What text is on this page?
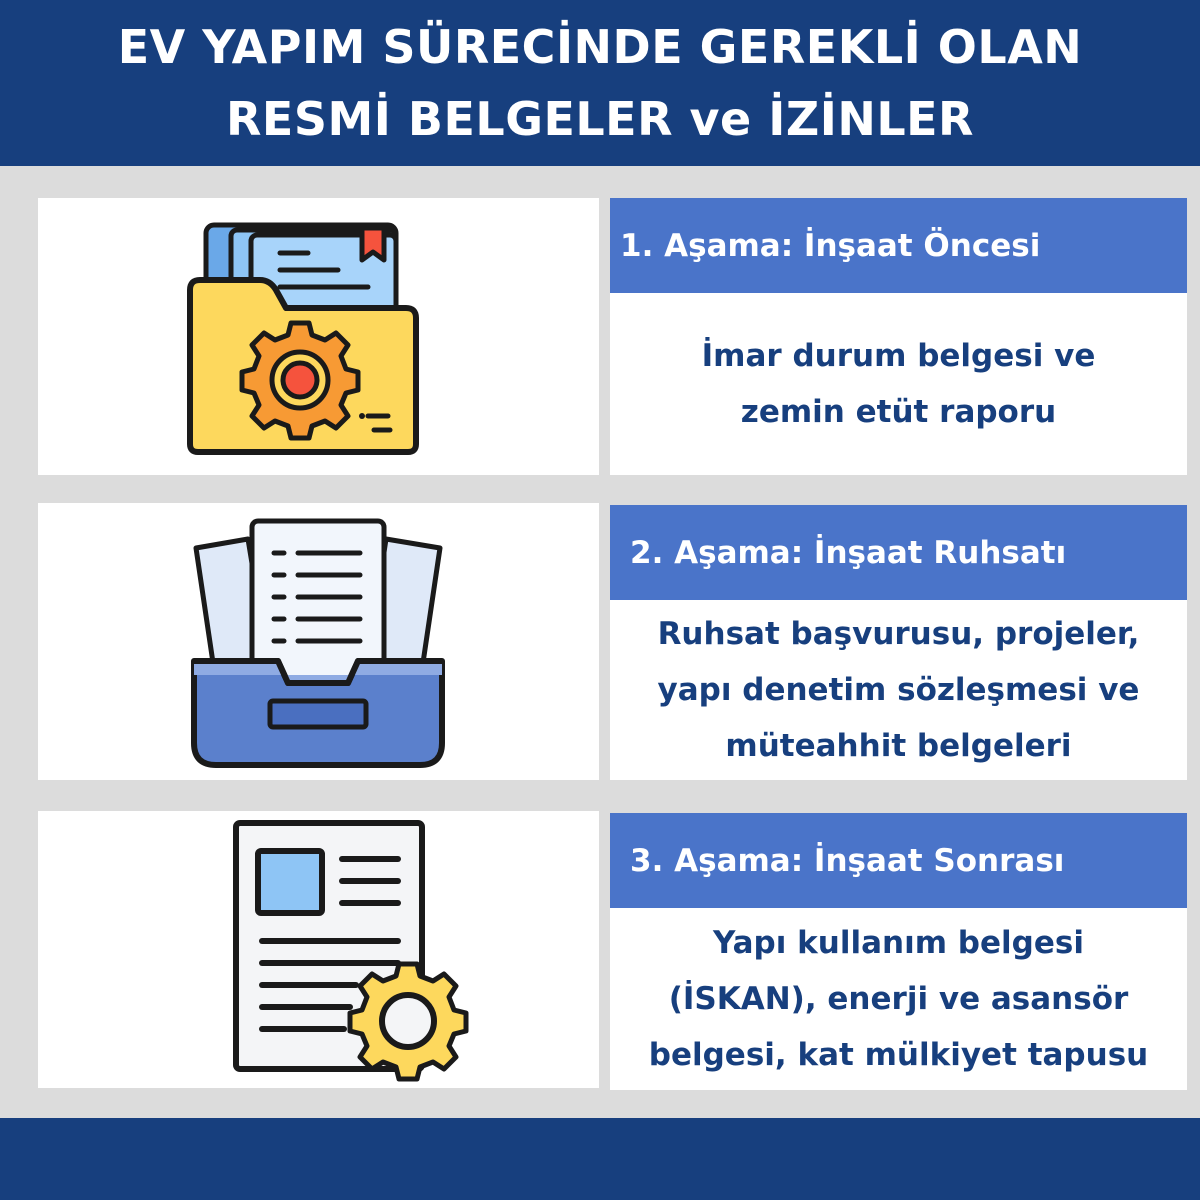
EV YAPIM SÜRECİNDE GEREKLİ OLAN
RESMİ BELGELER ve İZİNLER
1. Aşama: İnşaat Öncesi
İmar durum belgesi ve
zemin etüt raporu
2. Aşama: İnşaat Ruhsatı
Ruhsat başvurusu, projeler,
yapı denetim sözleşmesi ve
müteahhit belgeleri
3. Aşama: İnşaat Sonrası
Yapı kullanım belgesi
(İSKAN), enerji ve asansör
belgesi, kat mülkiyet tapusu
